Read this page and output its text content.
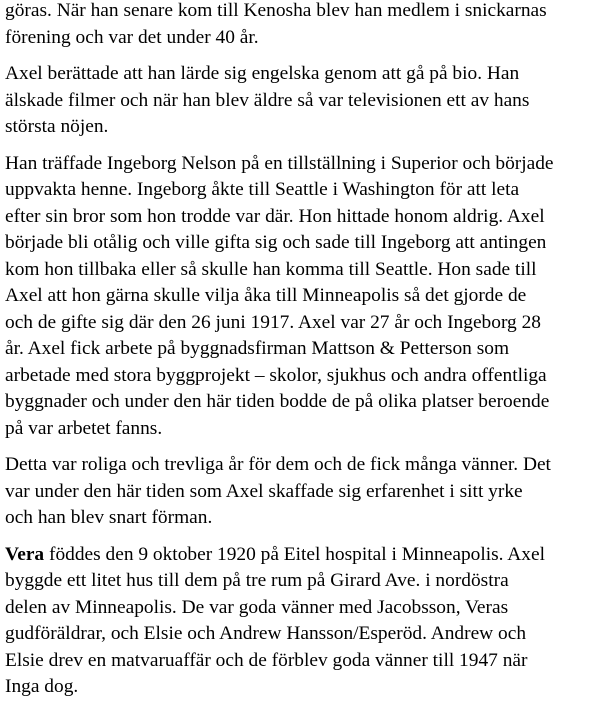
göras. När han senare kom till Kenosha blev han medlem i snickarnas
förening och var det under 40 år.
Axel berättade att han lärde sig engelska genom att gå på bio. Han
älskade filmer och när han blev äldre så var televisionen ett av hans
största nöjen.
Han träffade Ingeborg Nelson på en tillställning i Superior och började
uppvakta henne. Ingeborg åkte till Seattle i Washington för att leta
efter sin bror som hon trodde var där. Hon hittade honom aldrig. Axel
började bli otålig och ville gifta sig och sade till Ingeborg att antingen
kom hon tillbaka eller så skulle han komma till Seattle. Hon sade till
Axel att hon gärna skulle vilja åka till Minneapolis så det gjorde de
och de gifte sig där den 26 juni 1917. Axel var 27 år och Ingeborg 28
år. Axel fick arbete på byggnadsfirman Mattson & Petterson som
arbetade med stora byggprojekt – skolor, sjukhus och andra offentliga
byggnader och under den här tiden bodde de på olika platser beroende
på var arbetet fanns.
Detta var roliga och trevliga år för dem och de fick många vänner. Det
var under den här tiden som Axel skaffade sig erfarenhet i sitt yrke
och han blev snart förman.
Vera föddes den 9 oktober 1920 på Eitel hospital i Minneapolis. Axel
byggde ett litet hus till dem på tre rum på Girard Ave. i nordöstra
delen av Minneapolis. De var goda vänner med Jacobsson, Veras
gudföräldrar, och Elsie och Andrew Hansson/Esperöd. Andrew och
Elsie drev en matvaruaffär och de förblev goda vänner till 1947 när
Inga dog.
